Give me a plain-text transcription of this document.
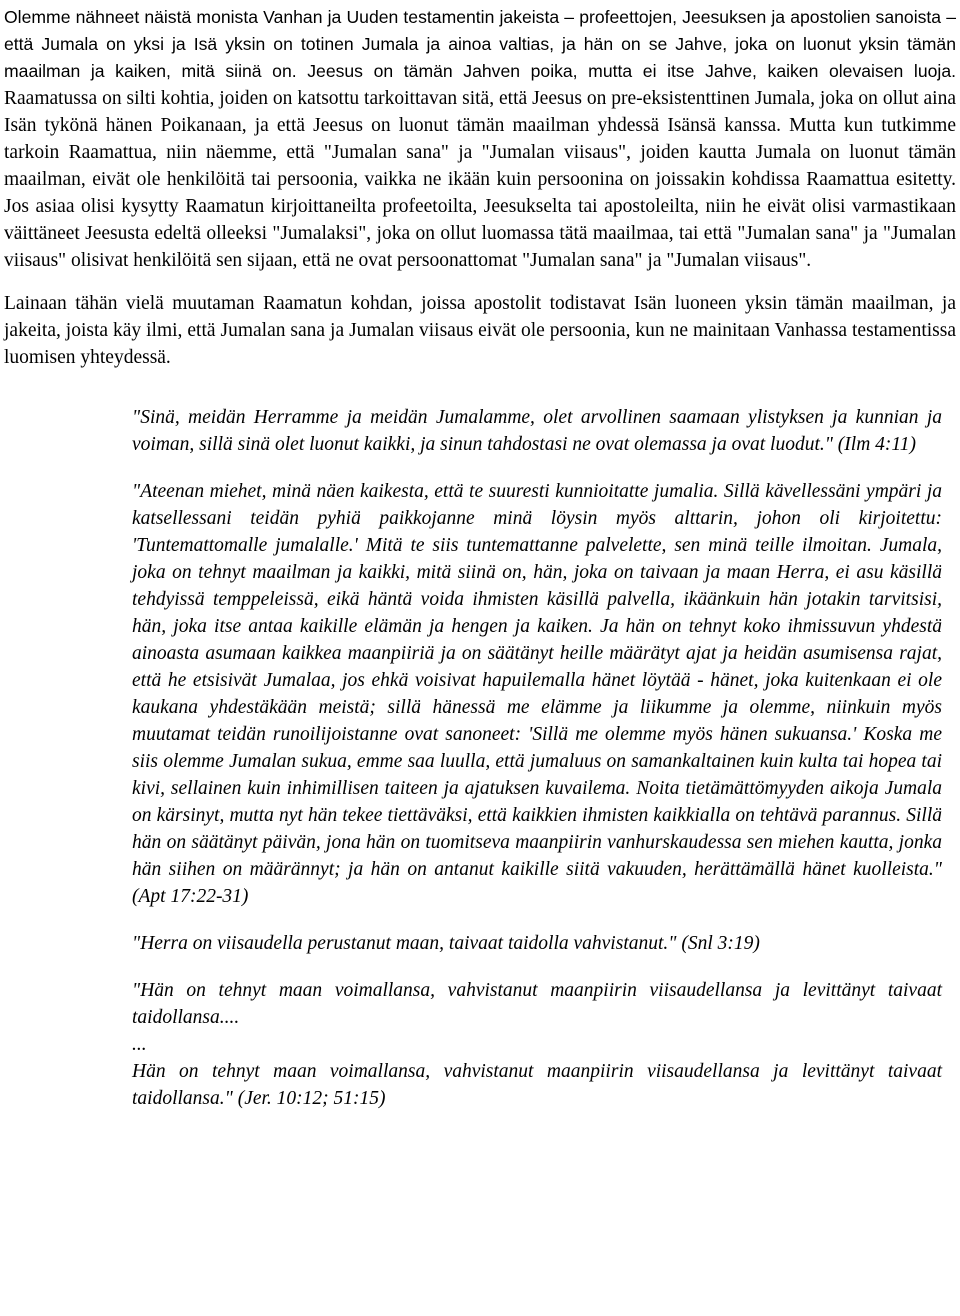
Olemme nähneet näistä monista Vanhan ja Uuden testamentin jakeista – profeettojen, Jeesuksen ja apostolien sanoista – että Jumala on yksi ja Isä yksin on totinen Jumala ja ainoa valtias, ja hän on se Jahve, joka on luonut yksin tämän maailman ja kaiken, mitä siinä on. Jeesus on tämän Jahven poika, mutta ei itse Jahve, kaiken olevaisen luoja. Raamatussa on silti kohtia, joiden on katsottu tarkoittavan sitä, että Jeesus on pre-eksistenttinen Jumala, joka on ollut aina Isän tykönä hänen Poikanaan, ja että Jeesus on luonut tämän maailman yhdessä Isänsä kanssa. Mutta kun tutkimme tarkoin Raamattua, niin näemme, että "Jumalan sana" ja "Jumalan viisaus", joiden kautta Jumala on luonut tämän maailman, eivät ole henkilöitä tai persoonia, vaikka ne ikään kuin persoonina on joissakin kohdissa Raamattua esitetty. Jos asiaa olisi kysytty Raamatun kirjoittaneilta profeetoilta, Jeesukselta tai apostoleilta, niin he eivät olisi varmastikaan väittäneet Jeesusta edeltä olleeksi "Jumalaksi", joka on ollut luomassa tätä maailmaa, tai että "Jumalan sana" ja "Jumalan viisaus" olisivat henkilöitä sen sijaan, että ne ovat persoonattomat "Jumalan sana" ja "Jumalan viisaus".

Lainaan tähän vielä muutaman Raamatun kohdan, joissa apostolit todistavat Isän luoneen yksin tämän maailman, ja jakeita, joista käy ilmi, että Jumalan sana ja Jumalan viisaus eivät ole persoonia, kun ne mainitaan Vanhassa testamentissa luomisen yhteydessä.

"Sinä, meidän Herramme ja meidän Jumalamme, olet arvollinen saamaan ylistyksen ja kunnian ja voiman, sillä sinä olet luonut kaikki, ja sinun tahdostasi ne ovat olemassa ja ovat luodut." (Ilm 4:11)

"Ateenan miehet, minä näen kaikesta, että te suuresti kunnioitatte jumalia. Sillä kävellessäni ympäri ja katsellessani teidän pyhiä paikkojanne minä löysin myös alttarin, johon oli kirjoitettu: 'Tuntemattomalle jumalalle.' Mitä te siis tuntemattanne palvelette, sen minä teille ilmoitan. Jumala, joka on tehnyt maailman ja kaikki, mitä siinä on, hän, joka on taivaan ja maan Herra, ei asu käsillä tehdyissä temppeleissä, eikä häntä voida ihmisten käsillä palvella, ikäänkuin hän jotakin tarvitsisi, hän, joka itse antaa kaikille elämän ja hengen ja kaiken. Ja hän on tehnyt koko ihmissuvun yhdestä ainoasta asumaan kaikkea maanpiiriä ja on säätänyt heille määrätyt ajat ja heidän asumisensa rajat, että he etsisivät Jumalaa, jos ehkä voisivat hapuilemalla hänet löytää - hänet, joka kuitenkaan ei ole kaukana yhdestäkään meistä; sillä hänessä me elämme ja liikumme ja olemme, niinkuin myös muutamat teidän runoilijoistanne ovat sanoneet: 'Sillä me olemme myös hänen sukuansa.' Koska me siis olemme Jumalan sukua, emme saa luulla, että jumaluus on samankaltainen kuin kulta tai hopea tai kivi, sellainen kuin inhimillisen taiteen ja ajatuksen kuvailema. Noita tietämättömyyden aikoja Jumala on kärsinyt, mutta nyt hän tekee tiettäväksi, että kaikkien ihmisten kaikkialla on tehtävä parannus. Sillä hän on säätänyt päivän, jona hän on tuomitseva maanpiirin vanhurskaudessa sen miehen kautta, jonka hän siihen on määrännyt; ja hän on antanut kaikille siitä vakuuden, herättämällä hänet kuolleista." (Apt 17:22-31)

"Herra on viisaudella perustanut maan, taivaat taidolla vahvistanut." (Snl 3:19)

"Hän on tehnyt maan voimallansa, vahvistanut maanpiirin viisaudellansa ja levittänyt taivaat taidollansa....
...
Hän on tehnyt maan voimallansa, vahvistanut maanpiirin viisaudellansa ja levittänyt taivaat taidollansa." (Jer. 10:12; 51:15)
